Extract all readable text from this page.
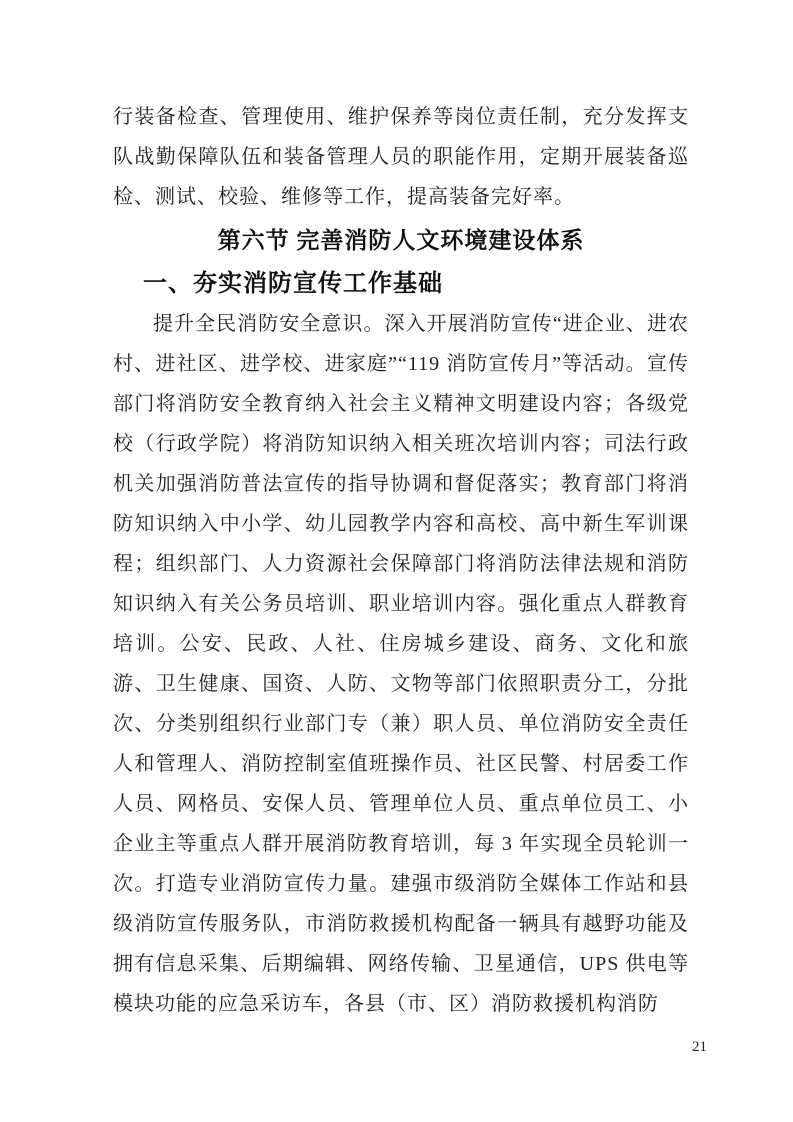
行装备检查、管理使用、维护保养等岗位责任制，充分发挥支队战勤保障队伍和装备管理人员的职能作用，定期开展装备巡检、测试、校验、维修等工作，提高装备完好率。

第六节 完善消防人文环境建设体系
一、夯实消防宣传工作基础

提升全民消防安全意识。深入开展消防宣传“进企业、进农村、进社区、进学校、进家庭”“119 消防宣传月”等活动。宣传部门将消防安全教育纳入社会主义精神文明建设内容；各级党校（行政学院）将消防知识纳入相关班次培训内容；司法行政机关加强消防普法宣传的指导协调和督促落实；教育部门将消防知识纳入中小学、幼儿园教学内容和高校、高中新生军训课程；组织部门、人力资源社会保障部门将消防法律法规和消防知识纳入有关公务员培训、职业培训内容。强化重点人群教育培训。公安、民政、人社、住房城乡建设、商务、文化和旅游、卫生健康、国资、人防、文物等部门依照职责分工，分批次、分类别组织行业部门专（兼）职人员、单位消防安全责任人和管理人、消防控制室值班操作员、社区民警、村居委工作人员、网格员、安保人员、管理单位人员、重点单位员工、小企业主等重点人群开展消防教育培训，每 3 年实现全员轮训一次。打造专业消防宣传力量。建强市级消防全媒体工作站和县级消防宣传服务队，市消防救援机构配备一辆具有越野功能及拥有信息采集、后期编辑、网络传输、卫星通信，UPS 供电等模块功能的应急采访车，各县（市、区）消防救援机构消防

21
